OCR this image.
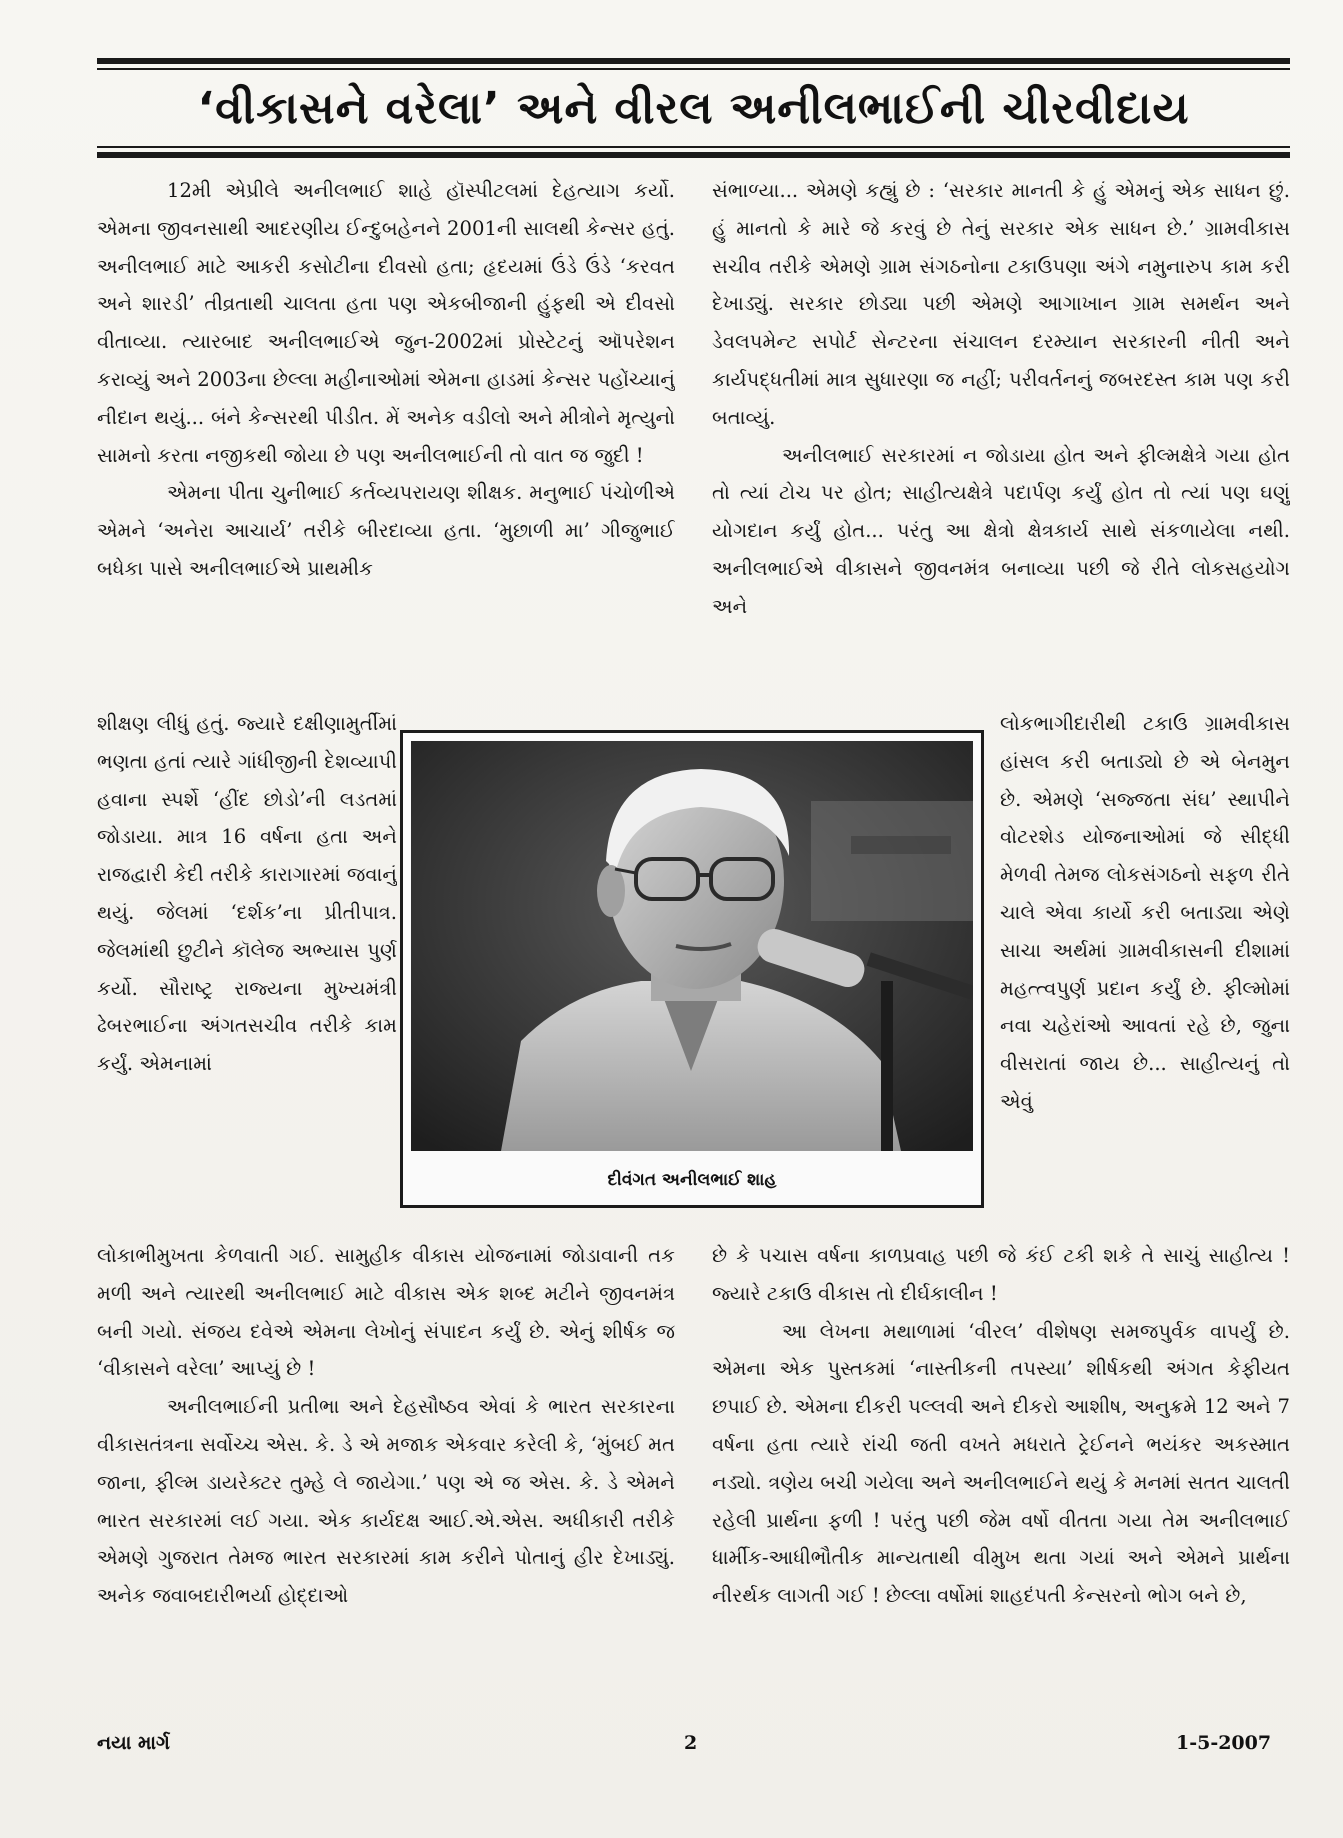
‘વીકાસને વરેલા’ અને વીરલ અનીલભાઈની ચીરવીદાય

12મી એપ્રીલે અનીલભાઈ શાહે હૉસ્પીટલમાં દેહત્યાગ કર્યો. એમના જીવનસાથી આદરણીય ઈન્દુબહેનને 2001ની સાલથી કેન્સર હતું. અનીલભાઈ માટે આકરી કસોટીના દીવસો હતા; હૃદયમાં ઉંડે ઉંડે ‘કરવત અને શારડી’ તીવ્રતાથી ચાલતા હતા પણ એકબીજાની હુંફથી એ દીવસો વીતાવ્યા. ત્યારબાદ અનીલભાઈએ જુન-2002માં પ્રોસ્ટેટનું ઑપરેશન કરાવ્યું અને 2003ના છેલ્લા મહીનાઓમાં એમના હાડમાં કેન્સર પહોંચ્યાનું નીદાન થયું... બંને કેન્સરથી પીડીત. મેં અનેક વડીલો અને મીત્રોને મૃત્યુનો સામનો કરતા નજીકથી જોયા છે પણ અનીલભાઈની તો વાત જ જુદી !

એમના પીતા ચુનીભાઈ કર્તવ્યપરાયણ શીક્ષક. મનુભાઈ પંચોળીએ એમને ‘અનેરા આચાર્ય’ તરીકે બીરદાવ્યા હતા. ‘મુછાળી મા’ ગીજુભાઈ બધેકા પાસે અનીલભાઈએ પ્રાથમીક

શીક્ષણ લીધું હતું. જ્યારે દક્ષીણામુર્તીમાં ભણતા હતાં ત્યારે ગાંધીજીની દેશવ્યાપી હવાના સ્પર્શે ‘હીંદ છોડો’ની લડતમાં જોડાયા. માત્ર 16 વર્ષના હતા અને રાજદ્વારી કેદી તરીકે કારાગારમાં જવાનું થયું. જેલમાં ‘દર્શક’ના પ્રીતીપાત્ર. જેલમાંથી છુટીને કૉલેજ અભ્યાસ પુર્ણ કર્યો. સૌરાષ્ટ્ર રાજ્યના મુખ્યમંત્રી ઢેબરભાઈના અંગતસચીવ તરીકે કામ કર્યું. એમનામાં

લોકાભીમુખતા કેળવાતી ગઈ. સામુહીક વીકાસ યોજનામાં જોડાવાની તક મળી અને ત્યારથી અનીલભાઈ માટે વીકાસ એક શબ્દ મટીને જીવનમંત્ર બની ગયો. સંજય દવેએ એમના લેખોનું સંપાદન કર્યું છે. એનું શીર્ષક જ ‘વીકાસને વરેલા’ આપ્યું છે !

અનીલભાઈની પ્રતીભા અને દેહસૌષ્ઠવ એવાં કે ભારત સરકારના વીકાસતંત્રના સર્વોચ્ચ એસ. કે. ડે એ મજાક એકવાર કરેલી કે, ‘મુંબઈ મત જાના, ફીલ્મ ડાયરેક્ટર તુમ્હે લે જાયેગા.’ પણ એ જ એસ. કે. ડે એમને ભારત સરકારમાં લઈ ગયા. એક કાર્યદક્ષ આઈ.એ.એસ. અધીકારી તરીકે એમણે ગુજરાત તેમજ ભારત સરકારમાં કામ કરીને પોતાનું હીર દેખાડ્યું. અનેક જવાબદારીભર્યા હોદ્દાઓ

સંભાળ્યા... એમણે કહ્યું છે : ‘સરકાર માનતી કે હું એમનું એક સાધન છું. હું માનતો કે મારે જે કરવું છે તેનું સરકાર એક સાધન છે.’ ગ્રામવીકાસ સચીવ તરીકે એમણે ગ્રામ સંગઠનોના ટકાઉપણા અંગે નમુનારુપ કામ કરી દેખાડ્યું. સરકાર છોડ્યા પછી એમણે આગાખાન ગ્રામ સમર્થન અને ડેવલપમેન્ટ સપોર્ટ સેન્ટરના સંચાલન દરમ્યાન સરકારની નીતી અને કાર્યપદ્ધતીમાં માત્ર સુધારણા જ નહીં; પરીવર્તનનું જબરદસ્ત કામ પણ કરી બતાવ્યું.

અનીલભાઈ સરકારમાં ન જોડાયા હોત અને ફીલ્મક્ષેત્રે ગયા હોત તો ત્યાં ટોચ પર હોત; સાહીત્યક્ષેત્રે પદાર્પણ કર્યું હોત તો ત્યાં પણ ઘણું યોગદાન કર્યું હોત... પરંતુ આ ક્ષેત્રો ક્ષેત્રકાર્ય સાથે સંકળાયેલા નથી. અનીલભાઈએ વીકાસને જીવનમંત્ર બનાવ્યા પછી જે રીતે લોકસહયોગ અને

લોકભાગીદારીથી ટકાઉ ગ્રામવીકાસ હાંસલ કરી બતાડ્યો છે એ બેનમુન છે. એમણે ‘સજ્જતા સંઘ’ સ્થાપીને વોટરશેડ યોજનાઓમાં જે સીદ્ધી મેળવી તેમજ લોકસંગઠનો સફળ રીતે ચાલે એવા કાર્યો કરી બતાડ્યા એણે સાચા અર્થમાં ગ્રામવીકાસની દીશામાં મહત્ત્વપુર્ણ પ્રદાન કર્યું છે. ફીલ્મોમાં નવા ચહેરાંઓ આવતાં રહે છે, જુના વીસરાતાં જાય છે... સાહીત્યનું તો એવું

છે કે પચાસ વર્ષના કાળપ્રવાહ પછી જે કંઈ ટકી શકે તે સાચું સાહીત્ય ! જ્યારે ટકાઉ વીકાસ તો દીર્ઘકાલીન !

આ લેખના મથાળામાં ‘વીરલ’ વીશેષણ સમજપુર્વક વાપર્યું છે. એમના એક પુસ્તકમાં ‘નાસ્તીકની તપસ્યા’ શીર્ષકથી અંગત કેફીયત છપાઈ છે. એમના દીકરી પલ્લવી અને દીકરો આશીષ, અનુક્રમે 12 અને 7 વર્ષના હતા ત્યારે રાંચી જતી વખતે મધરાતે ટ્રેઈનને ભયંકર અકસ્માત નડ્યો. ત્રણેય બચી ગયેલા અને અનીલભાઈને થયું કે મનમાં સતત ચાલતી રહેલી પ્રાર્થના ફળી ! પરંતુ પછી જેમ વર્ષો વીતતા ગયા તેમ અનીલભાઈ ધાર્મીક-આધીભૌતીક માન્યતાથી વીમુખ થતા ગયાં અને એમને પ્રાર્થના નીરર્થક લાગતી ગઈ ! છેલ્લા વર્ષોમાં શાહદંપતી કેન્સરનો ભોગ બને છે,

દીવંગત અનીલભાઈ શાહ
નયા માર્ગ	2	1-5-2007
